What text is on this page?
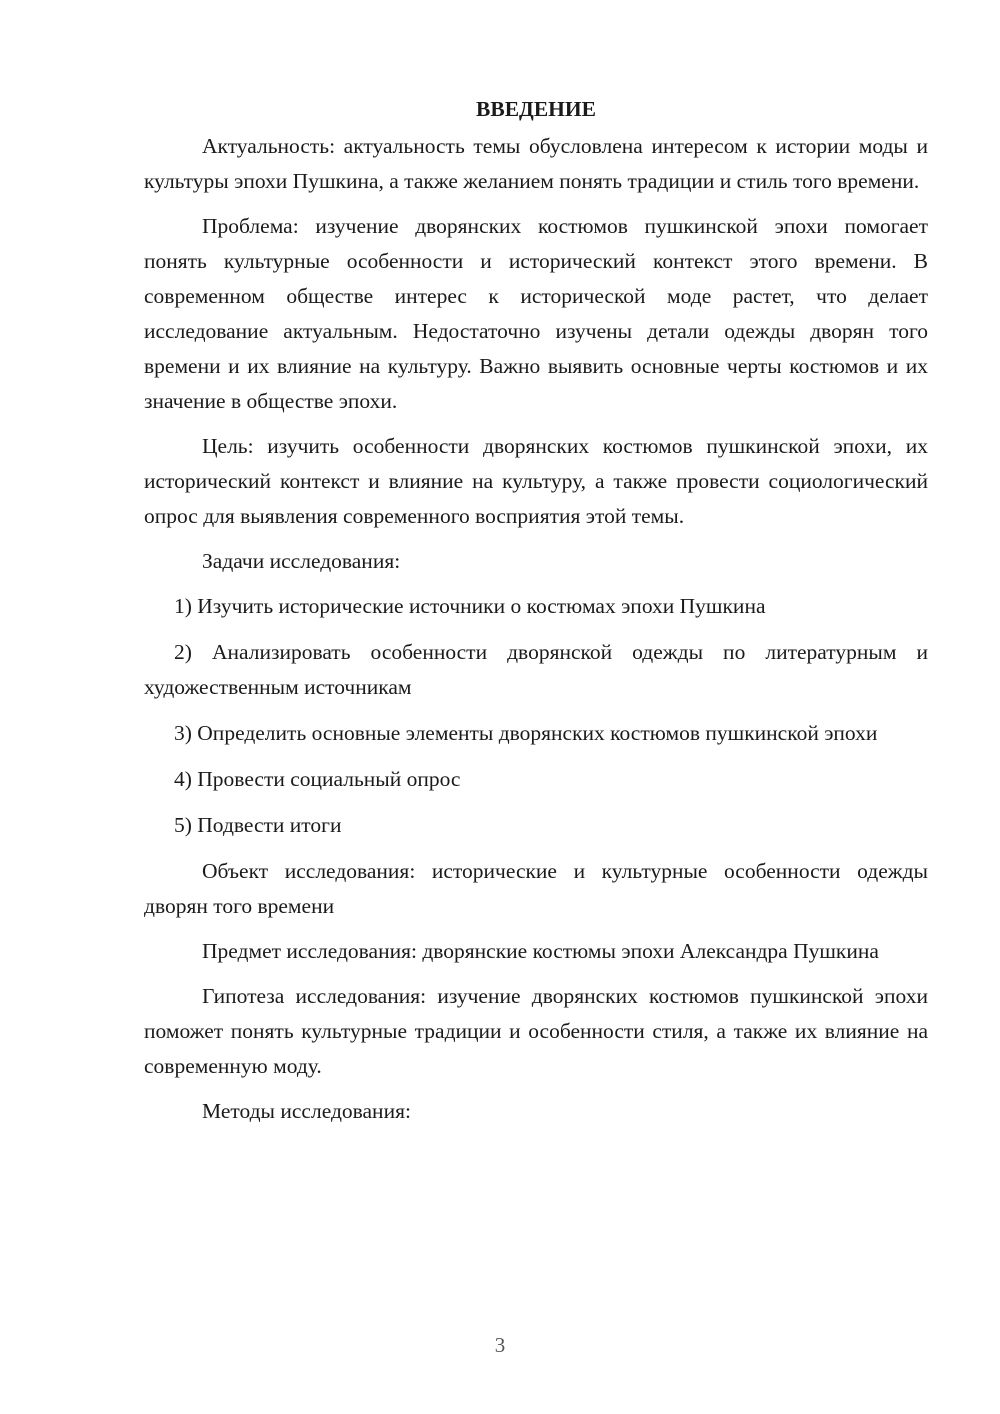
ВВЕДЕНИЕ

Актуальность: актуальность темы обусловлена интересом к истории моды и культуры эпохи Пушкина, а также желанием понять традиции и стиль того времени.

Проблема: изучение дворянских костюмов пушкинской эпохи помогает понять культурные особенности и исторический контекст этого времени. В современном обществе интерес к исторической моде растет, что делает исследование актуальным. Недостаточно изучены детали одежды дворян того времени и их влияние на культуру. Важно выявить основные черты костюмов и их значение в обществе эпохи.

Цель: изучить особенности дворянских костюмов пушкинской эпохи, их исторический контекст и влияние на культуру, а также провести социологический опрос для выявления современного восприятия этой темы.

Задачи исследования:

1) Изучить исторические источники о костюмах эпохи Пушкина

2) Анализировать особенности дворянской одежды по литературным и художественным источникам

3) Определить основные элементы дворянских костюмов пушкинской эпохи

4) Провести социальный опрос

5) Подвести итоги

Объект исследования: исторические и культурные особенности одежды дворян того времени

Предмет исследования: дворянские костюмы эпохи Александра Пушкина

Гипотеза исследования: изучение дворянских костюмов пушкинской эпохи поможет понять культурные традиции и особенности стиля, а также их влияние на современную моду.

Методы исследования:

3
